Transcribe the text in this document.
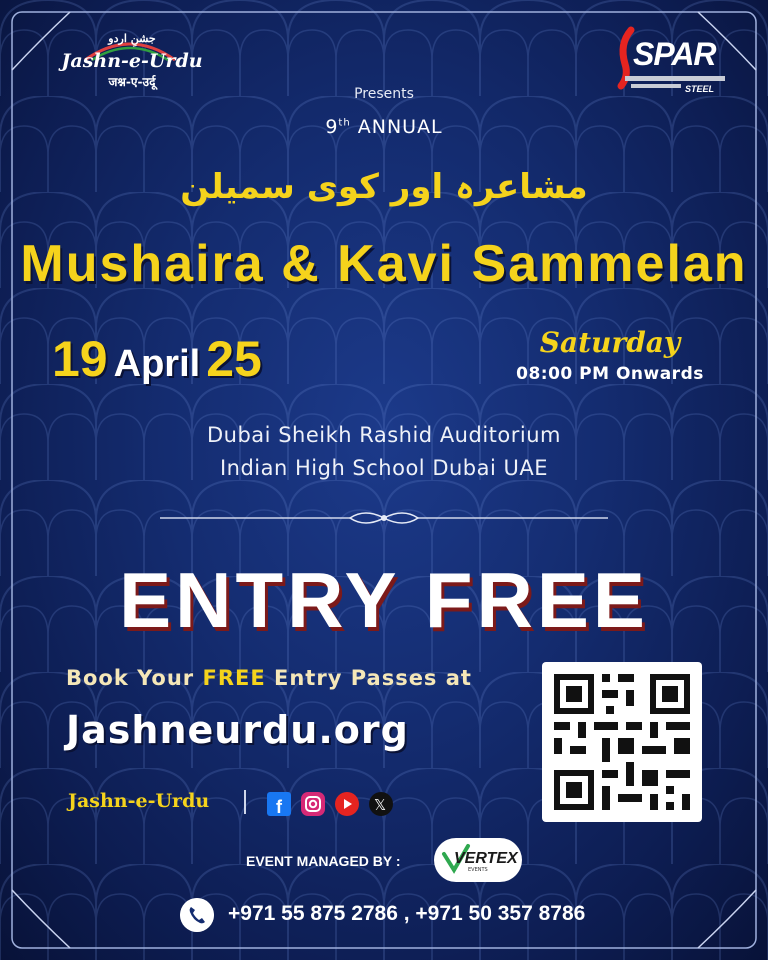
جشنِ اردو
Jashn-e-Urdu
जश्न-ए-उर्दू
SPAR
STEEL
Presents
9th ANNUAL
مشاعرہ اور کوی سمیلن
Mushaira & Kavi Sammelan
19 April 25	Saturday
08:00 PM Onwards
Dubai Sheikh Rashid Auditorium
Indian High School Dubai UAE
ENTRY FREE
Book Your FREE Entry Passes at
Jashneurdu.org
Jashn-e-Urdu	f	𝕏
EVENT MANAGED BY :	VERTEX
EVENTS
+971 55 875 2786 , +971 50 357 8786
